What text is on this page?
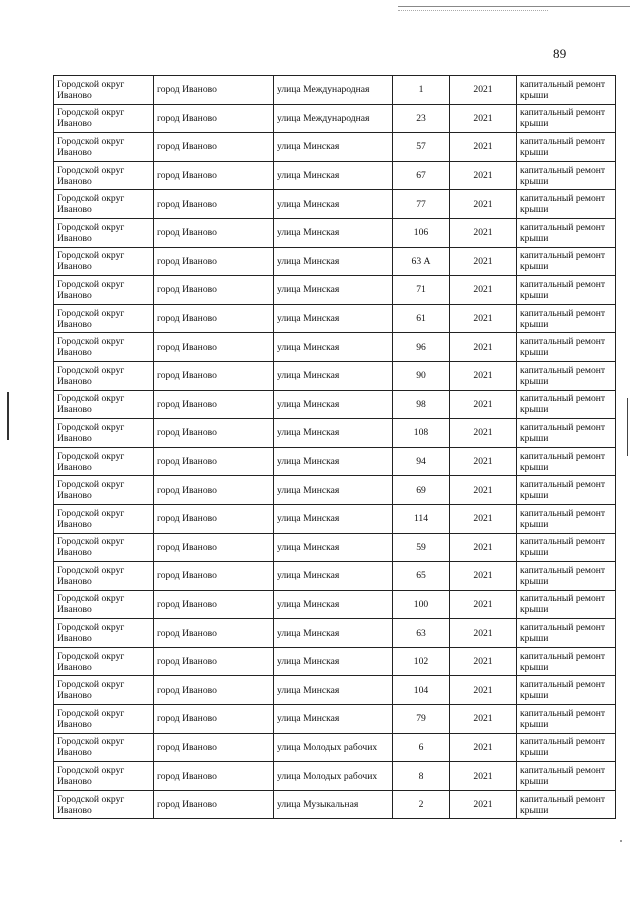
89
Городской округ Иваново	город Иваново	улица Международная	1	2021	капитальный ремонт крыши
Городской округ Иваново	город Иваново	улица Международная	23	2021	капитальный ремонт крыши
Городской округ Иваново	город Иваново	улица Минская	57	2021	капитальный ремонт крыши
Городской округ Иваново	город Иваново	улица Минская	67	2021	капитальный ремонт крыши
Городской округ Иваново	город Иваново	улица Минская	77	2021	капитальный ремонт крыши
Городской округ Иваново	город Иваново	улица Минская	106	2021	капитальный ремонт крыши
Городской округ Иваново	город Иваново	улица Минская	63 А	2021	капитальный ремонт крыши
Городской округ Иваново	город Иваново	улица Минская	71	2021	капитальный ремонт крыши
Городской округ Иваново	город Иваново	улица Минская	61	2021	капитальный ремонт крыши
Городской округ Иваново	город Иваново	улица Минская	96	2021	капитальный ремонт крыши
Городской округ Иваново	город Иваново	улица Минская	90	2021	капитальный ремонт крыши
Городской округ Иваново	город Иваново	улица Минская	98	2021	капитальный ремонт крыши
Городской округ Иваново	город Иваново	улица Минская	108	2021	капитальный ремонт крыши
Городской округ Иваново	город Иваново	улица Минская	94	2021	капитальный ремонт крыши
Городской округ Иваново	город Иваново	улица Минская	69	2021	капитальный ремонт крыши
Городской округ Иваново	город Иваново	улица Минская	114	2021	капитальный ремонт крыши
Городской округ Иваново	город Иваново	улица Минская	59	2021	капитальный ремонт крыши
Городской округ Иваново	город Иваново	улица Минская	65	2021	капитальный ремонт крыши
Городской округ Иваново	город Иваново	улица Минская	100	2021	капитальный ремонт крыши
Городской округ Иваново	город Иваново	улица Минская	63	2021	капитальный ремонт крыши
Городской округ Иваново	город Иваново	улица Минская	102	2021	капитальный ремонт крыши
Городской округ Иваново	город Иваново	улица Минская	104	2021	капитальный ремонт крыши
Городской округ Иваново	город Иваново	улица Минская	79	2021	капитальный ремонт крыши
Городской округ Иваново	город Иваново	улица Молодых рабочих	6	2021	капитальный ремонт крыши
Городской округ Иваново	город Иваново	улица Молодых рабочих	8	2021	капитальный ремонт крыши
Городской округ Иваново	город Иваново	улица Музыкальная	2	2021	капитальный ремонт крыши
